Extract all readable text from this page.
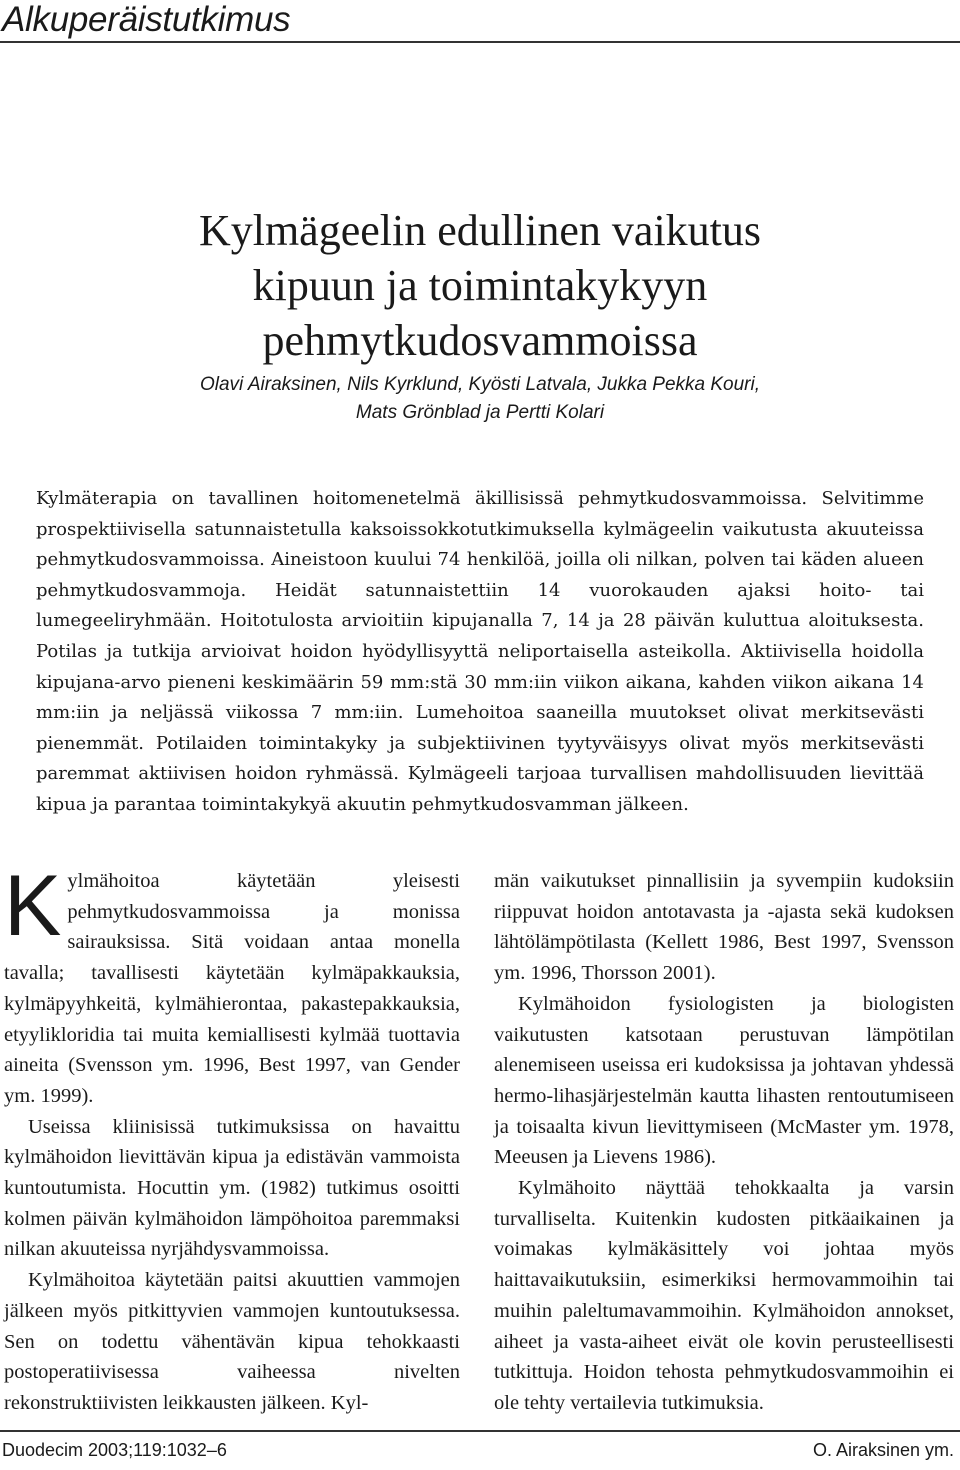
Alkuperäistutkimus
Kylmägeelin edullinen vaikutus
kipuun ja toimintakykyyn
pehmytkudosvammoissa
Olavi Airaksinen, Nils Kyrklund, Kyösti Latvala, Jukka Pekka Kouri,
Mats Grönblad ja Pertti Kolari
Kylmäterapia on tavallinen hoitomenetelmä äkillisissä pehmytkudosvammoissa. Selvitimme prospektiivisella satunnaistetulla kaksoissokkotutkimuksella kylmägeelin vaikutusta akuuteissa pehmytkudosvammoissa. Aineistoon kuului 74 henkilöä, joilla oli nilkan, polven tai käden alueen pehmytkudosvammoja. Heidät satunnaistettiin 14 vuorokauden ajaksi hoito- tai lumegeeliryhmään. Hoitotulosta arvioitiin kipujanalla 7, 14 ja 28 päivän kuluttua aloituksesta. Potilas ja tutkija arvioivat hoidon hyödyllisyyttä neliportaisella asteikolla. Aktiivisella hoidolla kipujana-arvo pieneni keskimäärin 59 mm:stä 30 mm:iin viikon aikana, kahden viikon aikana 14 mm:iin ja neljässä viikossa 7 mm:iin. Lumehoitoa saaneilla muutokset olivat merkitsevästi pienemmät. Potilaiden toimintakyky ja subjektiivinen tyytyväisyys olivat myös merkitsevästi paremmat aktiivisen hoidon ryhmässä. Kylmägeeli tarjoaa turvallisen mahdollisuuden lievittää kipua ja parantaa toimintakykyä akuutin pehmytkudosvamman jälkeen.

Kylmähoitoa käytetään yleisesti pehmytkudosvammoissa ja monissa sairauksissa. Sitä voidaan antaa monella tavalla; tavallisesti käytetään kylmäpakkauksia, kylmäpyyhkeitä, kylmähierontaa, pakastepakkauksia, etyylikloridia tai muita kemiallisesti kylmää tuottavia aineita (Svensson ym. 1996, Best 1997, van Gender ym. 1999).

Useissa kliinisissä tutkimuksissa on havaittu kylmähoidon lievittävän kipua ja edistävän vammoista kuntoutumista. Hocuttin ym. (1982) tutkimus osoitti kolmen päivän kylmähoidon lämpöhoitoa paremmaksi nilkan akuuteissa nyrjähdysvammoissa.

Kylmähoitoa käytetään paitsi akuuttien vammojen jälkeen myös pitkittyvien vammojen kuntoutuksessa. Sen on todettu vähentävän kipua tehokkaasti postoperatiivisessa vaiheessa nivelten rekonstruktiivisten leikkausten jälkeen. Kyl-

män vaikutukset pinnallisiin ja syvempiin kudoksiin riippuvat hoidon antotavasta ja -ajasta sekä kudoksen lähtölämpötilasta (Kellett 1986, Best 1997, Svensson ym. 1996, Thorsson 2001).

Kylmähoidon fysiologisten ja biologisten vaikutusten katsotaan perustuvan lämpötilan alenemiseen useissa eri kudoksissa ja johtavan yhdessä hermo-lihasjärjestelmän kautta lihasten rentoutumiseen ja toisaalta kivun lievittymiseen (McMaster ym. 1978, Meeusen ja Lievens 1986).

Kylmähoito näyttää tehokkaalta ja varsin turvalliselta. Kuitenkin kudosten pitkäaikainen ja voimakas kylmäkäsittely voi johtaa myös haittavaikutuksiin, esimerkiksi hermovammoihin tai muihin paleltumavammoihin. Kylmähoidon annokset, aiheet ja vasta-aiheet eivät ole kovin perusteellisesti tutkittuja. Hoidon tehosta pehmytkudosvammoihin ei ole tehty vertailevia tutkimuksia.

Duodecim 2003;119:1032–6	O. Airaksinen ym.
